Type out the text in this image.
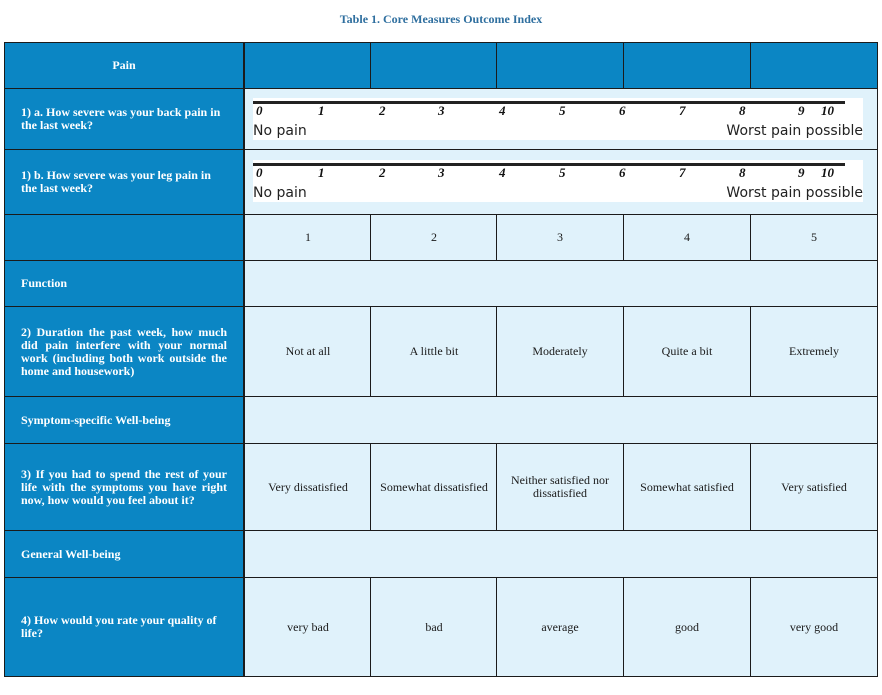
Table 1. Core Measures Outcome Index
Pain
1) a. How severe was your back pain in the last week?
0	1	2	3	4	5	6	7	8	9 10
No pain	Worst pain possible
1) b. How severe was your leg pain in the last week?
0	1	2	3	4	5	6	7	8	9 10
No pain	Worst pain possible
1	2	3	4	5
Function
2) Duration the past week, how much did pain interfere with your normal work (including both work outside the home and housework)
Not at all	A little bit	Moderately	Quite a bit	Extremely
Symptom-specific Well-being
3) If you had to spend the rest of your life with the symptoms you have right now, how would you feel about it?
Very dissatisfied	Somewhat dissatisfied	Neither satisfied nor dissatisfied	Somewhat satisfied	Very satisfied
General Well-being
4) How would you rate your quality of life?	very bad	bad	average	good	very good
